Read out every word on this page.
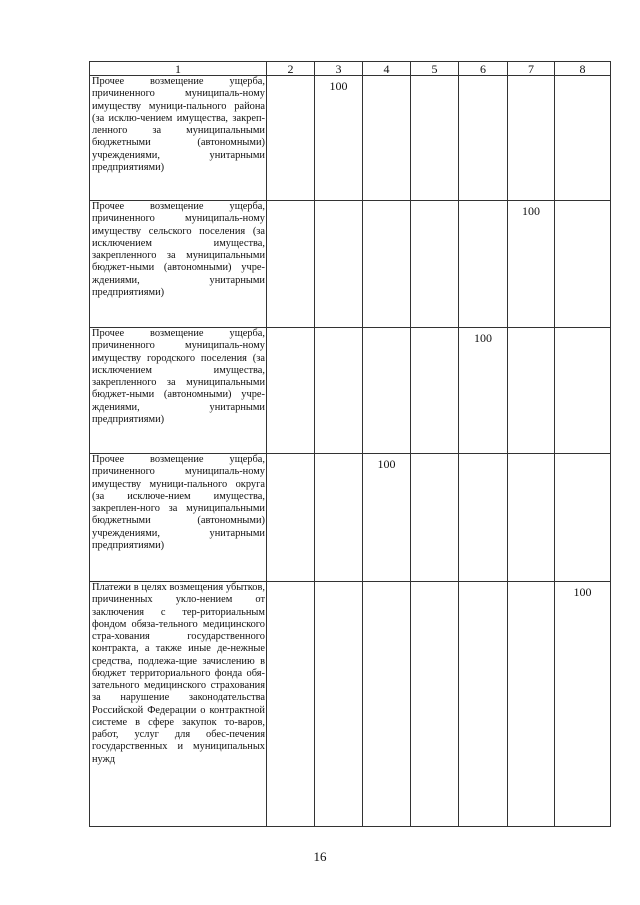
1	2	3	4	5	6	7	8
Прочее возмещение ущерба, причиненного муниципаль-ному имуществу муници-пального района (за исклю-чением имущества, закреп-ленного за муниципальными бюджетными (автономными) учреждениями, унитарными предприятиями)		100					
Прочее возмещение ущерба, причиненного муниципаль-ному имуществу сельского поселения (за исключением имущества, закрепленного за муниципальными бюджет-ными (автономными) учре-ждениями, унитарными предприятиями)						100	
Прочее возмещение ущерба, причиненного муниципаль-ному имуществу городского поселения (за исключением имущества, закрепленного за муниципальными бюджет-ными (автономными) учре-ждениями, унитарными предприятиями)					100		
Прочее возмещение ущерба, причиненного муниципаль-ному имуществу муници-пального округа (за исключе-нием имущества, закреплен-ного за муниципальными бюджетными (автономными) учреждениями, унитарными предприятиями)			100				
Платежи в целях возмещения убытков, причиненных укло-нением от заключения с тер-риториальным фондом обяза-тельного медицинского стра-хования государственного контракта, а также иные де-нежные средства, подлежа-щие зачислению в бюджет территориального фонда обя-зательного медицинского страхования за нарушение законодательства Российской Федерации о контрактной системе в сфере закупок то-варов, работ, услуг для обес-печения государственных и муниципальных нужд							100
16
